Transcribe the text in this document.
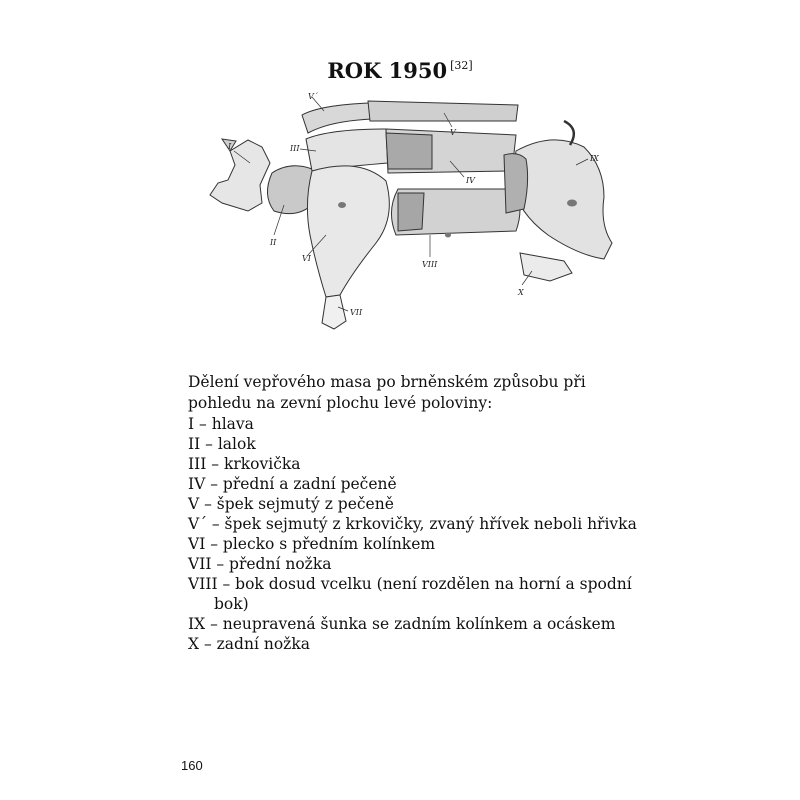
ROK 1950 [32]
I
II
III
IV
V
V´
VI
VII
VIII
IX
X

Dělení vepřového masa po brněnském způsobu při pohledu na zevní plochu levé poloviny:

I – hlava
II – lalok
III – krkovička
IV – přední a zadní pečeně
V – špek sejmutý z pečeně
V´ – špek sejmutý z krkovičky, zvaný hřívek neboli hřivka
VI – plecko s předním kolínkem
VII – přední nožka
VIII – bok dosud vcelku (není rozdělen na horní a spodní bok)
IX – neupravená šunka se zadním kolínkem a ocáskem
X – zadní nožka
160
